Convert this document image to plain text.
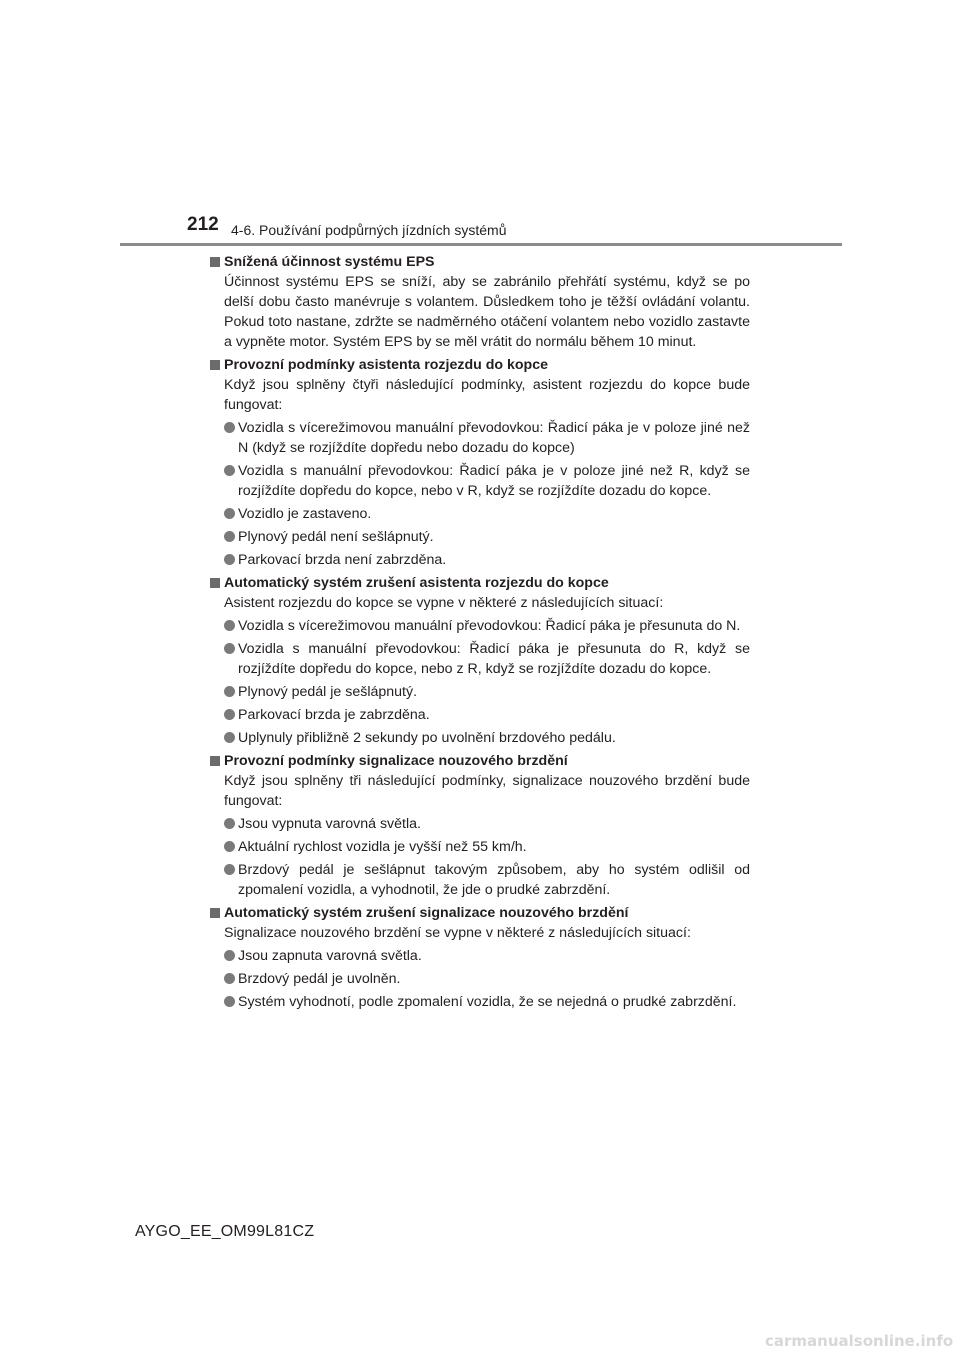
212 4-6. Používání podpůrných jízdních systémů
Snížená účinnost systému EPS

Účinnost systému EPS se sníží, aby se zabránilo přehřátí systému, když se po delší dobu často manévruje s volantem. Důsledkem toho je těžší ovládání volantu. Pokud toto nastane, zdržte se nadměrného otáčení volantem nebo vozidlo zastavte a vypněte motor. Systém EPS by se měl vrátit do normálu během 10 minut.

Provozní podmínky asistenta rozjezdu do kopce

Když jsou splněny čtyři následující podmínky, asistent rozjezdu do kopce bude fungovat:

Vozidla s vícerežimovou manuální převodovkou: Řadicí páka je v poloze jiné než N (když se rozjíždíte dopředu nebo dozadu do kopce)
Vozidla s manuální převodovkou: Řadicí páka je v poloze jiné než R, když se rozjíždíte dopředu do kopce, nebo v R, když se rozjíždíte dozadu do kopce.
Vozidlo je zastaveno.
Plynový pedál není sešlápnutý.
Parkovací brzda není zabrzděna.
Automatický systém zrušení asistenta rozjezdu do kopce

Asistent rozjezdu do kopce se vypne v některé z následujících situací:

Vozidla s vícerežimovou manuální převodovkou: Řadicí páka je přesunuta do N.
Vozidla s manuální převodovkou: Řadicí páka je přesunuta do R, když se rozjíždíte dopředu do kopce, nebo z R, když se rozjíždíte dozadu do kopce.
Plynový pedál je sešlápnutý.
Parkovací brzda je zabrzděna.
Uplynuly přibližně 2 sekundy po uvolnění brzdového pedálu.
Provozní podmínky signalizace nouzového brzdění

Když jsou splněny tři následující podmínky, signalizace nouzového brzdění bude fungovat:

Jsou vypnuta varovná světla.
Aktuální rychlost vozidla je vyšší než 55 km/h.
Brzdový pedál je sešlápnut takovým způsobem, aby ho systém odlišil od zpomalení vozidla, a vyhodnotil, že jde o prudké zabrzdění.
Automatický systém zrušení signalizace nouzového brzdění

Signalizace nouzového brzdění se vypne v některé z následujících situací:

Jsou zapnuta varovná světla.
Brzdový pedál je uvolněn.
Systém vyhodnotí, podle zpomalení vozidla, že se nejedná o prudké zabrzdění.
AYGO_EE_OM99L81CZ
carmanualsonline.info
